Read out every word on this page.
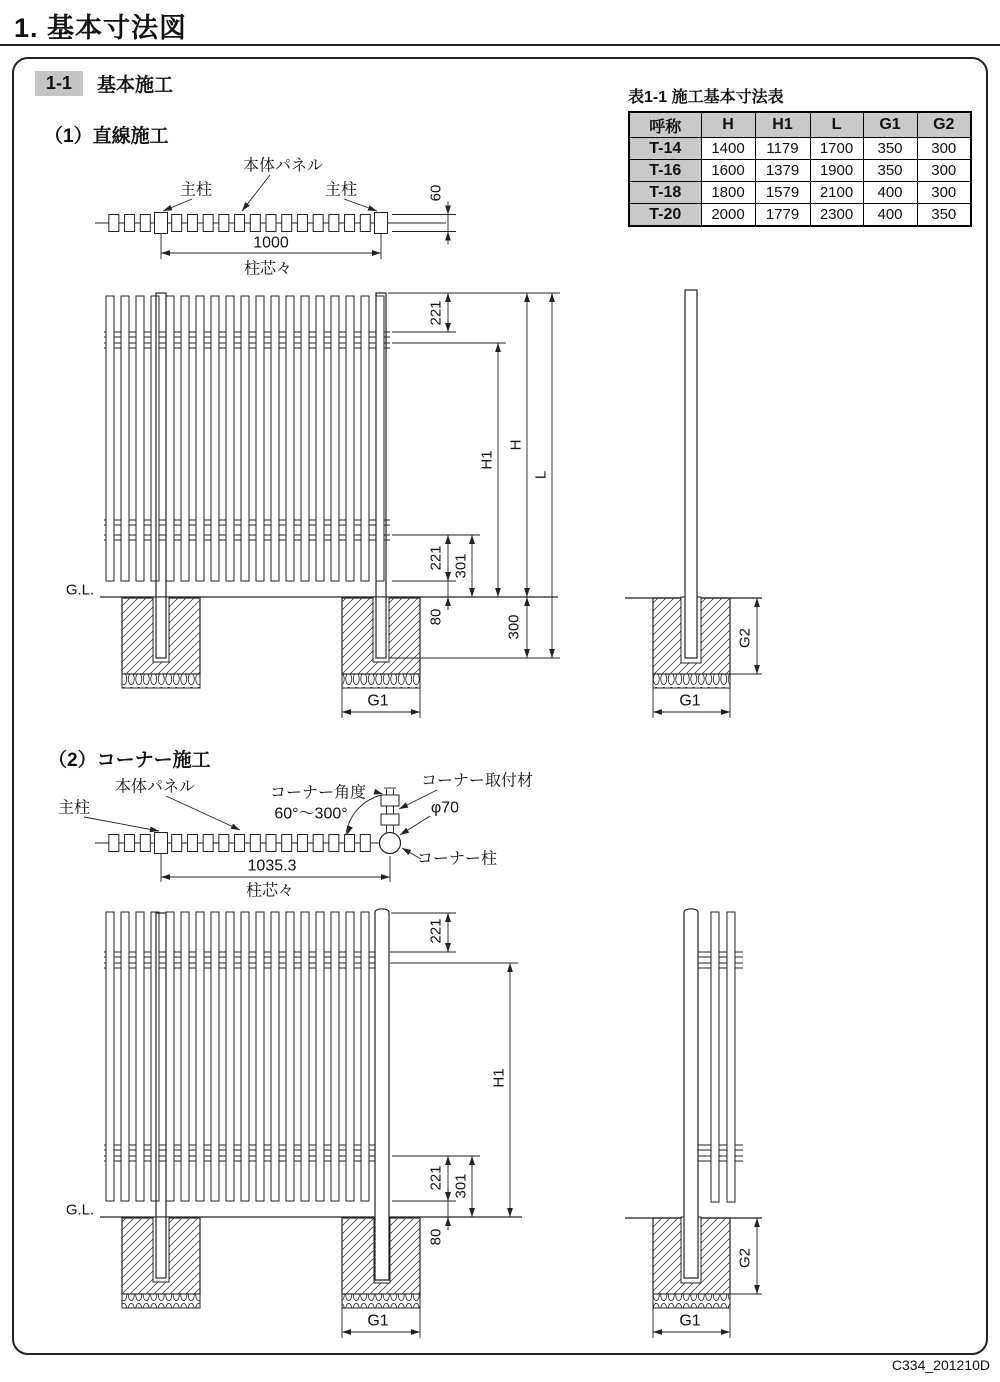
1. 基本寸法図
1-1	基本施工
（1）直線施工
（2）コーナー施工

表1-1 施工基本寸法表

呼称	H	H1	L	G1	G2
T-14	1400	1179	1700	350	300
T-16	1600	1379	1900	350	300
T-18	1800	1579	2100	400	300
T-20	2000	1779	2300	400	350
本体パネル
主柱	主柱	60
1000
柱芯々
221
H1
H
L
221 301
80	300
G1
G.L.
G2
G1
本体パネル
主柱
コーナー角度
60°～300°
コーナー取付材
φ70
コーナー柱
1035.3
柱芯々
221
H1
221 301
80
G1
G.L.
G2
G1
C334_201210D
